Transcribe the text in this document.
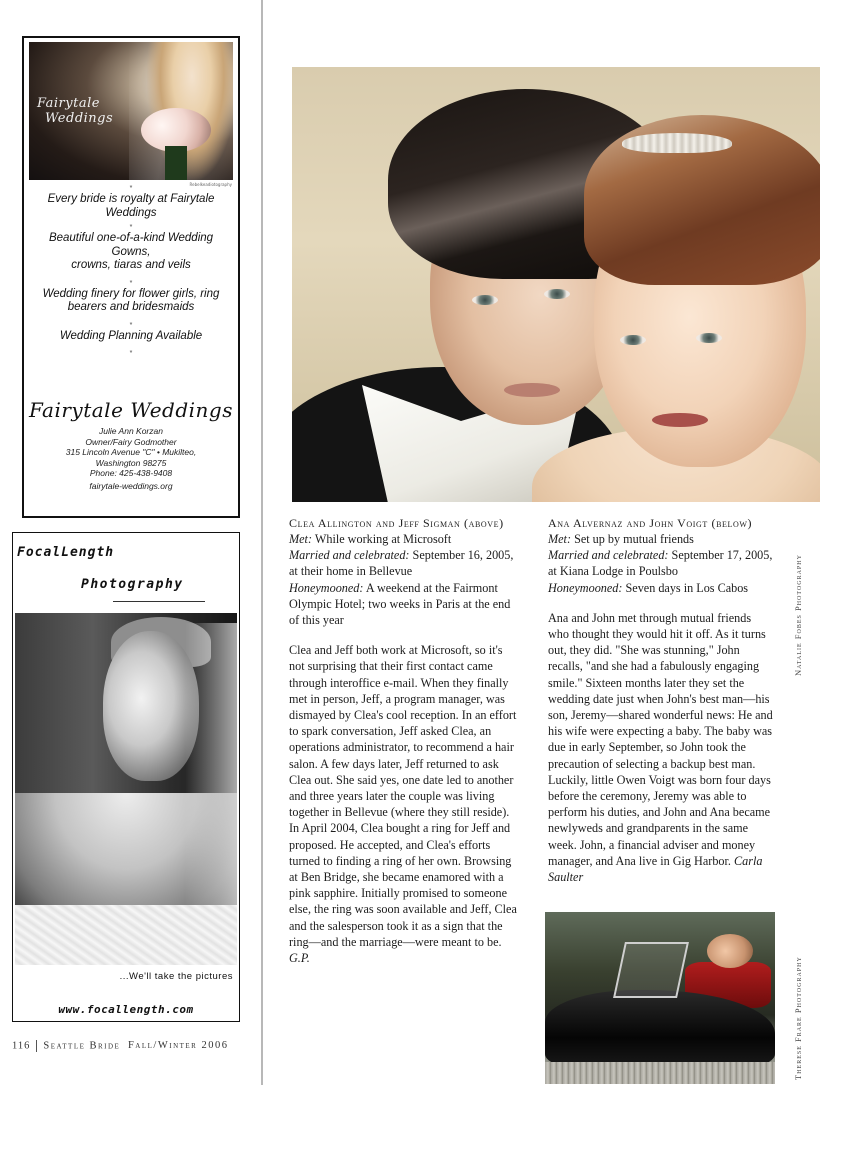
Fairytale
Weddings
Rebelkeadiotography
*
Every bride is royalty at Fairytale Weddings
*
Beautiful one-of-a-kind Wedding Gowns,
crowns, tiaras and veils
*
Wedding finery for flower girls, ring bearers and bridesmaids
*
Wedding Planning Available
*
Fairytale Weddings
Julie Ann Korzan
Owner/Fairy Godmother
315 Lincoln Avenue "C" • Mukilteo,
Washington 98275
Phone: 425-438-9408
fairytale-weddings.org
FocalLength
Photography
...We'll take the pictures
www.focallength.com
116 Seattle Bride Fall/Winter 2006
Clea Allington and Jeff Sigman (above)
Met: While working at Microsoft
Married and celebrated: September 16, 2005, at their home in Bellevue
Honeymooned: A weekend at the Fairmont Olympic Hotel; two weeks in Paris at the end of this year

Clea and Jeff both work at Microsoft, so it's not surprising that their first contact came through interoffice e-mail. When they finally met in person, Jeff, a program manager, was dismayed by Clea's cool reception. In an effort to spark conversation, Jeff asked Clea, an operations administrator, to recommend a hair salon. A few days later, Jeff returned to ask Clea out. She said yes, one date led to another and three years later the couple was living together in Bellevue (where they still reside). In April 2004, Clea bought a ring for Jeff and proposed. He accepted, and Clea's efforts turned to finding a ring of her own. Browsing at Ben Bridge, she became enamored with a pink sapphire. Initially promised to someone else, the ring was soon available and Jeff, Clea and the salesperson took it as a sign that the ring—and the marriage—were meant to be. G.P.

Ana Alvernaz and John Voigt (below)
Met: Set up by mutual friends
Married and celebrated: September 17, 2005, at Kiana Lodge in Poulsbo
Honeymooned: Seven days in Los Cabos

Ana and John met through mutual friends who thought they would hit it off. As it turns out, they did. "She was stunning," John recalls, "and she had a fabulously engaging smile." Sixteen months later they set the wedding date just when John's best man—his son, Jeremy—shared wonderful news: He and his wife were expecting a baby. The baby was due in early September, so John took the precaution of selecting a backup best man. Luckily, little Owen Voigt was born four days before the ceremony, Jeremy was able to perform his duties, and John and Ana became newlyweds and grandparents in the same week. John, a financial adviser and money manager, and Ana live in Gig Harbor. Carla Saulter

Natalie Fobes Photography
Therese Frare Photography
